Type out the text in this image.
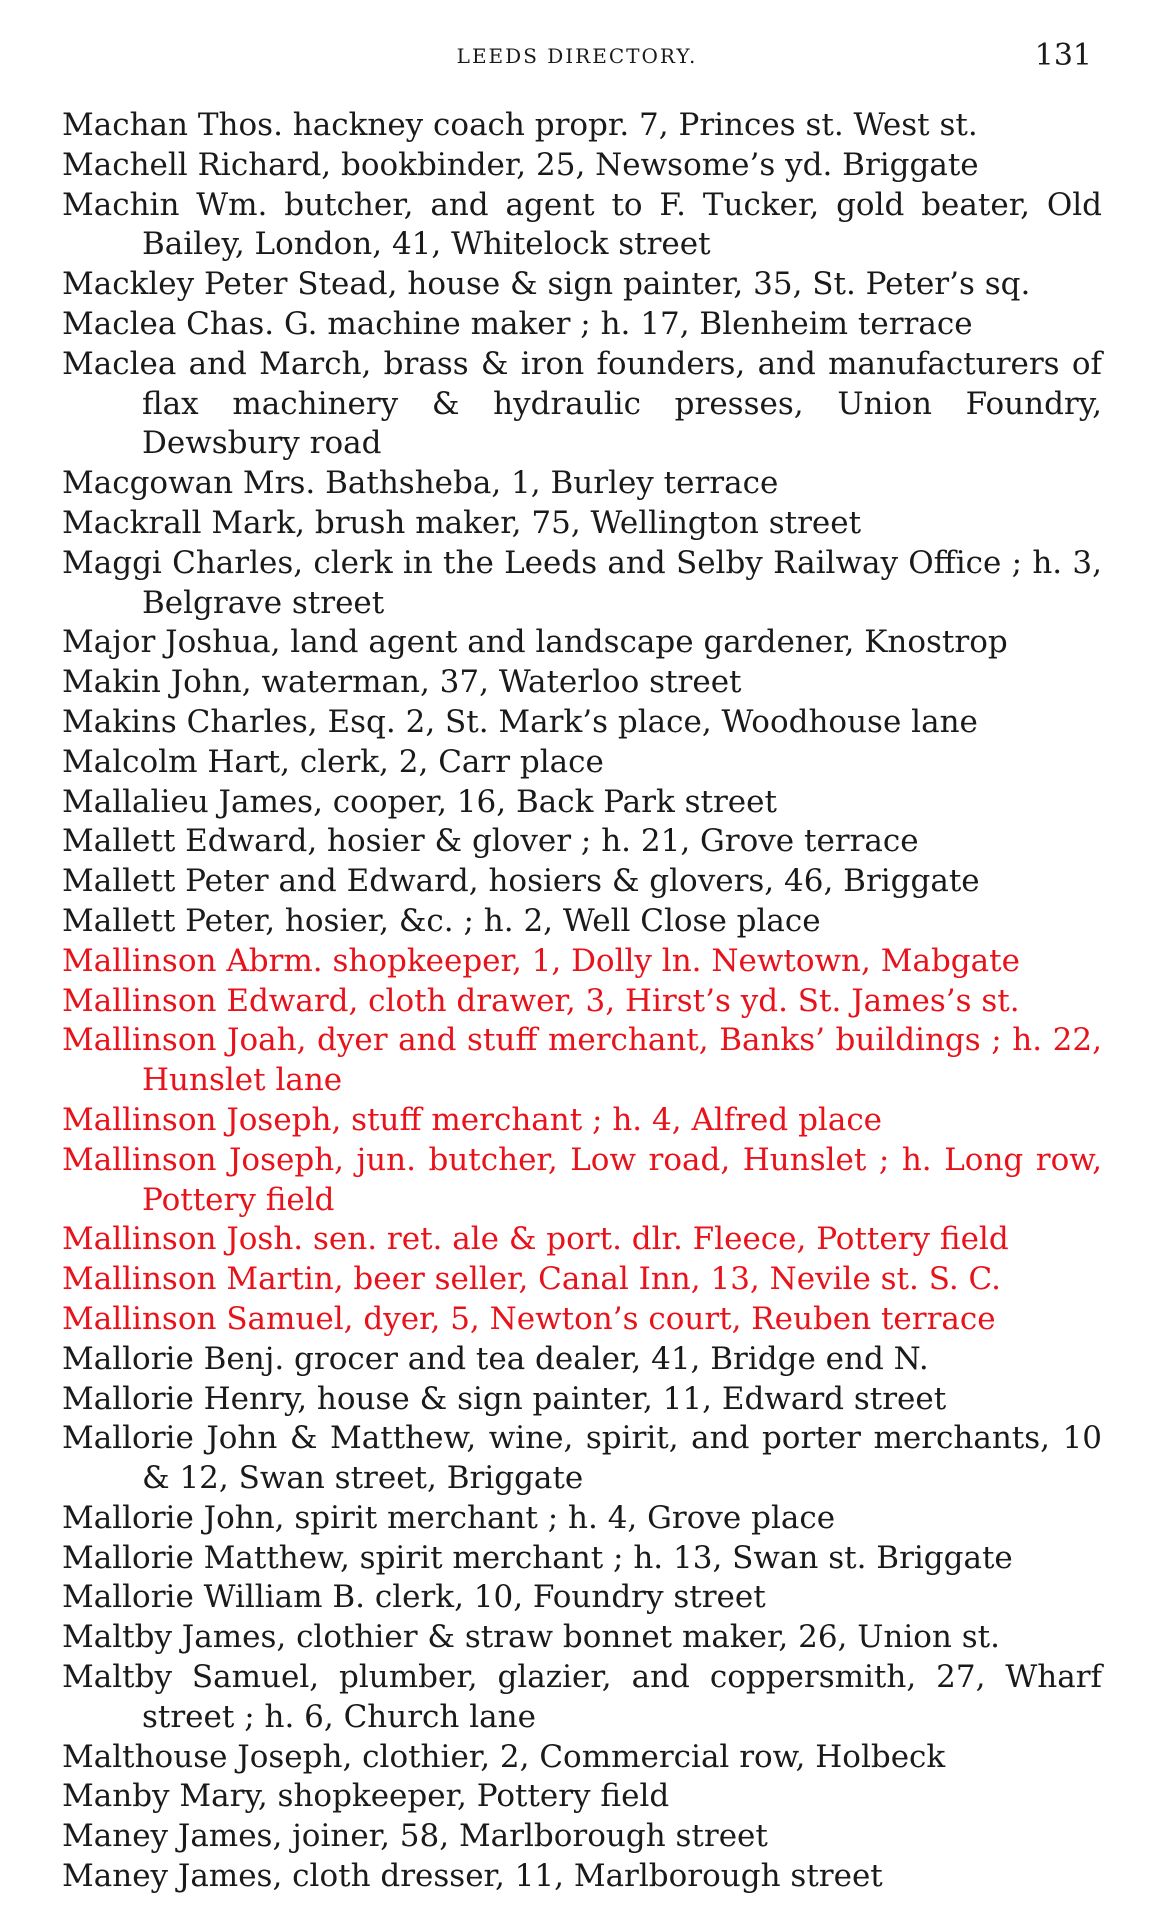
LEEDS DIRECTORY.	131

Machan Thos. hackney coach propr. 7, Princes st. West st.

Machell Richard, bookbinder, 25, Newsome’s yd. Briggate

Machin Wm. butcher, and agent to F. Tucker, gold beater, Old Bailey, London, 41, Whitelock street

Mackley Peter Stead, house & sign painter, 35, St. Peter’s sq.

Maclea Chas. G. machine maker ; h. 17, Blenheim terrace

Maclea and March, brass & iron founders, and manufacturers of flax machinery & hydraulic presses, Union Foundry, Dewsbury road

Macgowan Mrs. Bathsheba, 1, Burley terrace

Mackrall Mark, brush maker, 75, Wellington street

Maggi Charles, clerk in the Leeds and Selby Railway Office ; h. 3, Belgrave street

Major Joshua, land agent and landscape gardener, Knostrop

Makin John, waterman, 37, Waterloo street

Makins Charles, Esq. 2, St. Mark’s place, Woodhouse lane

Malcolm Hart, clerk, 2, Carr place

Mallalieu James, cooper, 16, Back Park street

Mallett Edward, hosier & glover ; h. 21, Grove terrace

Mallett Peter and Edward, hosiers & glovers, 46, Briggate

Mallett Peter, hosier, &c. ; h. 2, Well Close place

Mallinson Abrm. shopkeeper, 1, Dolly ln. Newtown, Mabgate

Mallinson Edward, cloth drawer, 3, Hirst’s yd. St. James’s st.

Mallinson Joah, dyer and stuff merchant, Banks’ buildings ; h. 22, Hunslet lane

Mallinson Joseph, stuff merchant ; h. 4, Alfred place

Mallinson Joseph, jun. butcher, Low road, Hunslet ; h. Long row, Pottery field

Mallinson Josh. sen. ret. ale & port. dlr. Fleece, Pottery field

Mallinson Martin, beer seller, Canal Inn, 13, Nevile st. S. C.

Mallinson Samuel, dyer, 5, Newton’s court, Reuben terrace

Mallorie Benj. grocer and tea dealer, 41, Bridge end N.

Mallorie Henry, house & sign painter, 11, Edward street

Mallorie John & Matthew, wine, spirit, and porter merchants, 10 & 12, Swan street, Briggate

Mallorie John, spirit merchant ; h. 4, Grove place

Mallorie Matthew, spirit merchant ; h. 13, Swan st. Briggate

Mallorie William B. clerk, 10, Foundry street

Maltby James, clothier & straw bonnet maker, 26, Union st.

Maltby Samuel, plumber, glazier, and coppersmith, 27, Wharf street ; h. 6, Church lane

Malthouse Joseph, clothier, 2, Commercial row, Holbeck

Manby Mary, shopkeeper, Pottery field

Maney James, joiner, 58, Marlborough street

Maney James, cloth dresser, 11, Marlborough street
